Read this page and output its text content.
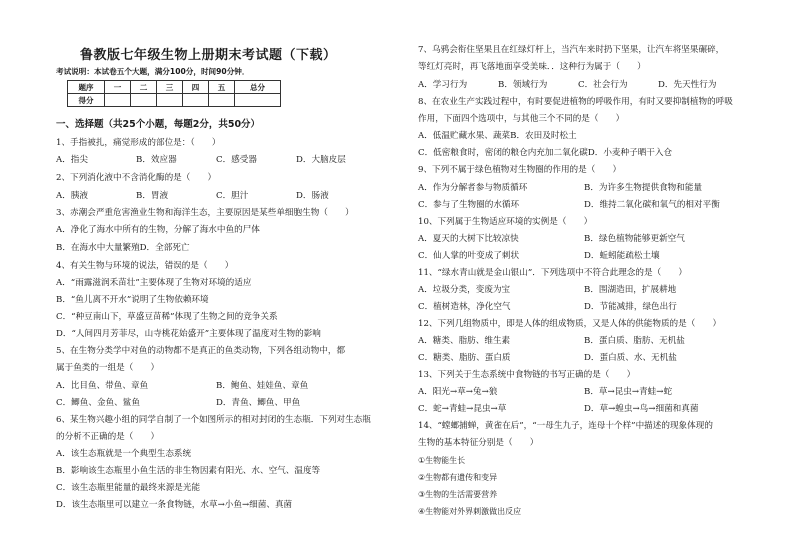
鲁教版七年级生物上册期末考试题（下载）
考试说明：本试卷五个大题，满分100分，时间90分钟．
题序	一	二	三	四	五	总分
得分						
一、选择题（共25个小题，每题2分，共50分）
1、手指被扎，痛觉形成的部位是：（　　）
A．指尖	B．效应器	C．感受器	D．大脑皮层
2、下列消化液中不含消化酶的是（　　）
A．胰液	B．胃液	C．胆汁	D．肠液
3、赤潮会严重危害渔业生物和海洋生态，主要原因是某些单细胞生物（　　）
A．净化了海水中所有的生物，分解了海水中鱼的尸体
B．在海水中大量繁殖D．全部死亡
4、有关生物与环境的说法，错误的是（　　）
A．“雨露滋润禾苗壮”主要体现了生物对环境的适应
B．“鱼儿离不开水”说明了生物依赖环境
C．“种豆南山下，草盛豆苗稀”体现了生物之间的竞争关系
D．“人间四月芳菲尽，山寺桃花始盛开”主要体现了温度对生物的影响
5、在生物分类学中对鱼的动物都不是真正的鱼类动物，下列各组动物中，都
属于鱼类的一组是（　　）
A．比目鱼、带鱼、章鱼	B．鲍鱼、娃娃鱼、章鱼
C．鲫鱼、金鱼、鲨鱼	D．青鱼、鲫鱼、甲鱼
6、某生物兴趣小组的同学自制了一个如图所示的相对封闭的生态瓶．下列对生态瓶
的分析不正确的是（　　）
A．该生态瓶就是一个典型生态系统
B．影响该生态瓶里小鱼生活的非生物因素有阳光、水、空气、温度等
C．该生态瓶里能量的最终来源是光能
D．该生态瓶里可以建立一条食物链，水草→小鱼→细菌、真菌
7、乌鸦会衔住坚果且在红绿灯杆上，当汽车来时扔下坚果，让汽车将坚果碾碎，
等红灯亮时，再飞落地面享受美味．．这种行为属于（　　）
A．学习行为	B．领域行为	C．社会行为	D．先天性行为
8、在农业生产实践过程中，有时要促进植物的呼吸作用，有时又要抑制植物的呼吸
作用，下面四个选项中，与其他三个不同的是（　　）
A．低温贮藏水果、蔬菜B．农田及时松土
C．低密粮食时，密闭的粮仓内充加二氧化碳D．小麦种子晒干入仓
9、下列不属于绿色植物对生物圈的作用的是（　　）
A．作为分解者参与物质循环	B．为许多生物提供食物和能量
C．参与了生物圈的水循环	D．维持二氧化碳和氧气的相对平衡
10、下列属于生物适应环境的实例是（　　）
A．夏天的大树下比较凉快	B．绿色植物能够更新空气
C．仙人掌的叶变成了刺状	D．蚯蚓能疏松土壤
11、“绿水青山就是金山银山”．下列选项中不符合此理念的是（　　）
A．垃圾分类，变废为宝	B．围湖造田，扩展耕地
C．植树造林，净化空气	D．节能减排，绿色出行
12、下列几组物质中，即是人体的组成物质，又是人体的供能物质的是（　　）
A．糖类、脂肪、维生素	B．蛋白质、脂肪、无机盐
C．糖类、脂肪、蛋白质	D．蛋白质、水、无机盐
13、下列关于生态系统中食物链的书写正确的是（　　）
A．阳光→草→兔→狼	B．草→昆虫→青蛙→蛇
C．蛇→青蛙→昆虫→草	D．草→蝗虫→鸟→细菌和真菌
14、“螳螂捕蝉，黄雀在后”，“一母生九子，连母十个样”中描述的现象体现的
生物的基本特征分别是（　　）
①生物能生长
②生物都有遗传和变异
③生物的生活需要营养
④生物能对外界刺激做出反应
